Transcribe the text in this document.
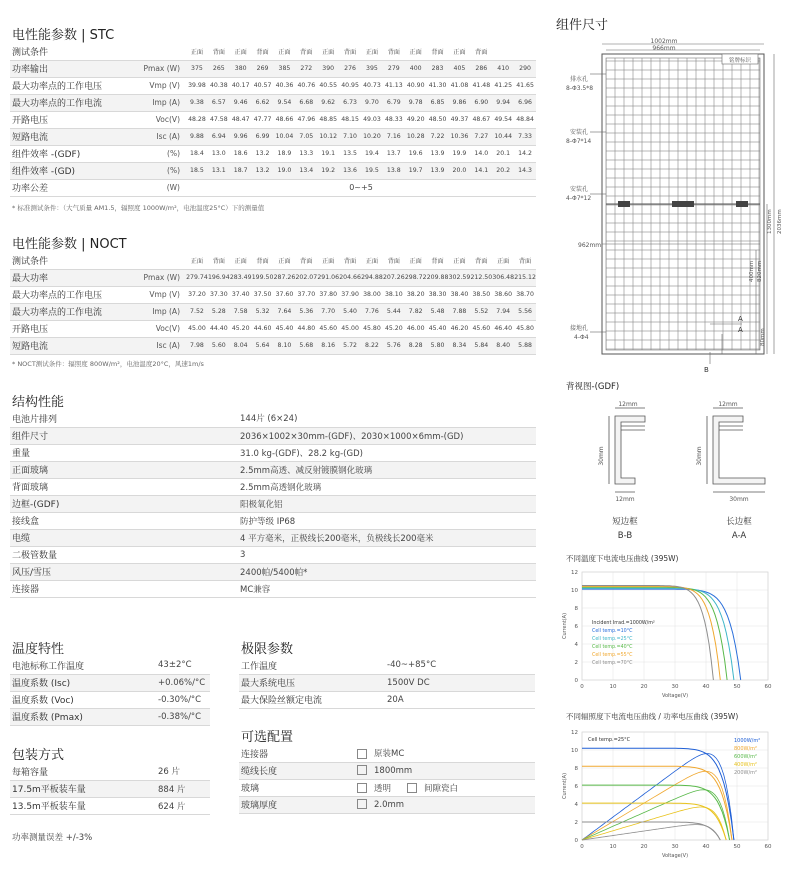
电性能参数 | STC
测试条件		正面	背面	正面	背面	正面	背面	正面	背面	正面	背面	正面	背面	正面	背面		
功率输出	Pmax (W)	375	265	380	269	385	272	390	276	395	279	400	283	405	286	410	290
最大功率点的工作电压	Vmp (V)	39.98	40.38	40.17	40.57	40.36	40.76	40.55	40.95	40.73	41.13	40.90	41.30	41.08	41.48	41.25	41.65
最大功率点的工作电流	Imp (A)	9.38	6.57	9.46	6.62	9.54	6.68	9.62	6.73	9.70	6.79	9.78	6.85	9.86	6.90	9.94	6.96
开路电压	Voc(V)	48.28	47.58	48.47	47.77	48.66	47.96	48.85	48.15	49.03	48.33	49.20	48.50	49.37	48.67	49.54	48.84
短路电流	Isc (A)	9.88	6.94	9.96	6.99	10.04	7.05	10.12	7.10	10.20	7.16	10.28	7.22	10.36	7.27	10.44	7.33
组件效率 -(GDF)	(%)	18.4	13.0	18.6	13.2	18.9	13.3	19.1	13.5	19.4	13.7	19.6	13.9	19.9	14.0	20.1	14.2
组件效率 -(GD)	(%)	18.5	13.1	18.7	13.2	19.0	13.4	19.2	13.6	19.5	13.8	19.7	13.9	20.0	14.1	20.2	14.3
功率公差	(W)	0~+5															
* 标准测试条件：（大气质量 AM1.5，辐照度 1000W/m²，电池温度25°C）下的测量值
电性能参数 | NOCT
测试条件		正面	背面	正面	背面	正面	背面	正面	背面	正面	背面	正面	背面	正面	背面	正面	背面
最大功率	Pmax (W)	279.74	196.94	283.49	199.50	287.26	202.07	291.06	204.66	294.88	207.26	298.72	209.88	302.59	212.50	306.48	215.12
最大功率点的工作电压	Vmp (V)	37.20	37.30	37.40	37.50	37.60	37.70	37.80	37.90	38.00	38.10	38.20	38.30	38.40	38.50	38.60	38.70
最大功率点的工作电流	Imp (A)	7.52	5.28	7.58	5.32	7.64	5.36	7.70	5.40	7.76	5.44	7.82	5.48	7.88	5.52	7.94	5.56
开路电压	Voc(V)	45.00	44.40	45.20	44.60	45.40	44.80	45.60	45.00	45.80	45.20	46.00	45.40	46.20	45.60	46.40	45.80
短路电流	Isc (A)	7.98	5.60	8.04	5.64	8.10	5.68	8.16	5.72	8.22	5.76	8.28	5.80	8.34	5.84	8.40	5.88
* NOCT测试条件：辐照度 800W/m²，电池温度20°C，风速1m/s
结构性能
电池片排列	144片 (6×24)
组件尺寸	2036×1002×30mm-(GDF)、2030×1000×6mm-(GD)
重量	31.0 kg-(GDF)、28.2 kg-(GD)
正面玻璃	2.5mm高透、减反射镀膜钢化玻璃
背面玻璃	2.5mm高透钢化玻璃
边框-(GDF)	阳极氧化铝
接线盒	防护等级 IP68
电缆	4 平方毫米，正极线长200毫米，负极线长200毫米
二极管数量	3
风压/雪压	2400帕/5400帕*
连接器	MC兼容
温度特性
电池标称工作温度	43±2°C
温度系数 (Isc)	+0.06%/°C
温度系数 (Voc)	-0.30%/°C
温度系数 (Pmax)	-0.38%/°C
极限参数
工作温度	-40~+85°C
最大系统电压	1500V DC
最大保险丝额定电流	20A
包装方式
每箱容量	26 片
17.5m平板装车量	884 片
13.5m平板装车量	624 片
可选配置
连接器	原装MC
缆线长度	1800mm
玻璃	透明 间隙瓷白
玻璃厚度	2.0mm
功率测量误差 +/-3%
组件尺寸
1002mm
966mm
铭牌标识
排水孔
8-Φ3.5*8
安装孔
8-Φ7*14
安装孔
4-Φ7*12
962mm
400mm 820mm
1300mm 2036mm
接地孔
4-Φ4
A
A
B
80mm
背视图-(GDF)
12mm
30mm
12mm
短边框
B-B
12mm
30mm
30mm
长边框
A-A
不同温度下电流电压曲线 (395W)
0	10	20	30	40	50	60
0
2
4
6
8
10
12
Voltage(V)
Current(A)	Incident Irrad.=1000W/m²
Cell temp.=10°C
Cell temp.=25°C
Cell temp.=40°C
Cell temp.=55°C
Cell temp.=70°C
不同辐照度下电流电压曲线 / 功率电压曲线 (395W)
0	10	20	30	40	50	60
0
2
4
6
8
10
12
Voltage(V)
Current(A)
Cell temp.=25°C	1000W/m²
800W/m²
600W/m²
400W/m²
200W/m²
